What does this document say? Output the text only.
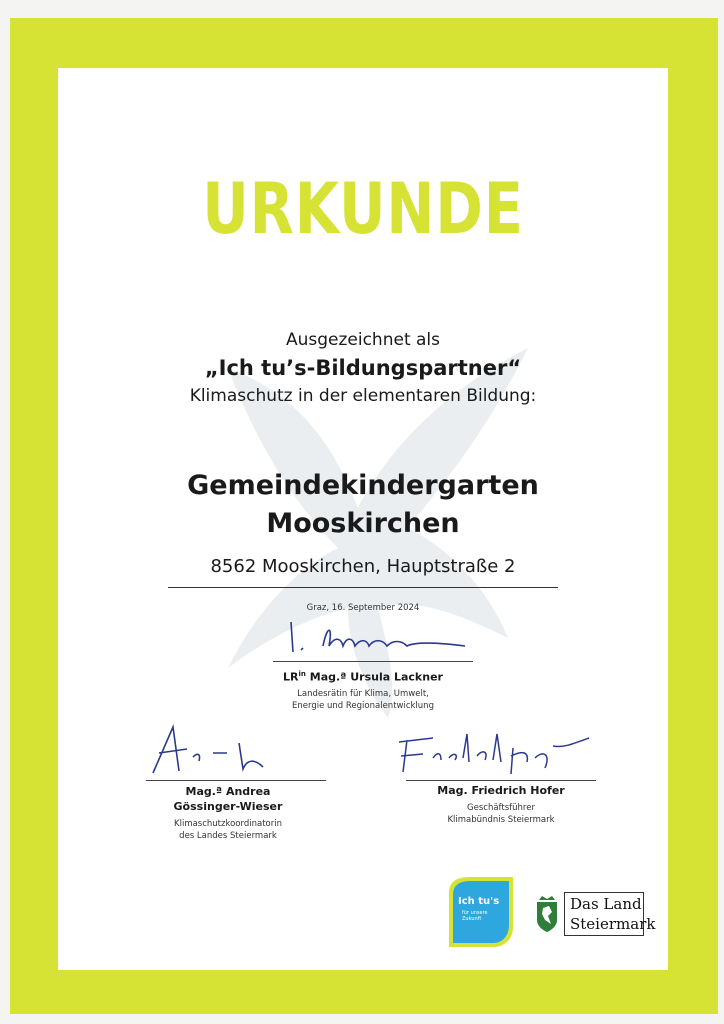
URKUNDE
Ausgezeichnet als
„Ich tu’s-Bildungspartner“
Klimaschutz in der elementaren Bildung:
Gemeindekindergarten
Mooskirchen
8562 Mooskirchen, Hauptstraße 2
Graz, 16. September 2024
$LR^{in}$ Mag.ª Ursula Lackner
Landesrätin für Klima, Umwelt,
Energie und Regionalentwicklung
Mag.ª Andrea
Gössinger-Wieser
Klimaschutzkoordinatorin
des Landes Steiermark
Mag. Friedrich Hofer
Geschäftsführer
Klimabündnis Steiermark
Ich tu's
für unsere
Zukunft
Das Land
Steiermark
